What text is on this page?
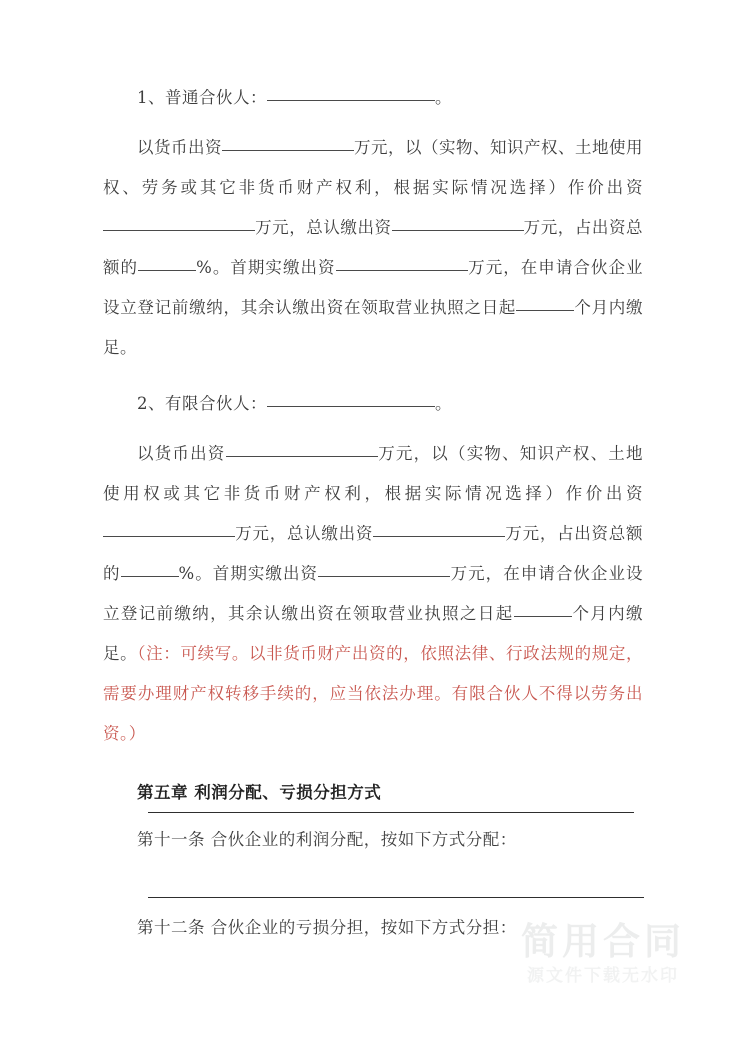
1、普通合伙人：	。

以货币出资	万元，以（实物、知识产权、土地使用权、劳务或其它非货币财产权利，根据实际情况选择）作价出资万元，总认缴出资	万元，占出资总额的	%。首期实缴出资	万元，在申请合伙企业设立登记前缴纳，其余认缴出资在领取营业执照之日起	个月内缴足。

2、有限合伙人：	。

以货币出资	万元，以（实物、知识产权、土地使用权或其它非货币财产权利，根据实际情况选择）作价出资万元，总认缴出资	万元，占出资总额的	%。首期实缴出资	万元，在申请合伙企业设立登记前缴纳，其余认缴出资在领取营业执照之日起	个月内缴足。（注：可续写。以非货币财产出资的，依照法律、行政法规的规定，需要办理财产权转移手续的，应当依法办理。有限合伙人不得以劳务出资。）

第五章 利润分配、亏损分担方式

第十一条 合伙企业的利润分配，按如下方式分配：

第十二条 合伙企业的亏损分担，按如下方式分担： 简用合同
源文件下载无水印
